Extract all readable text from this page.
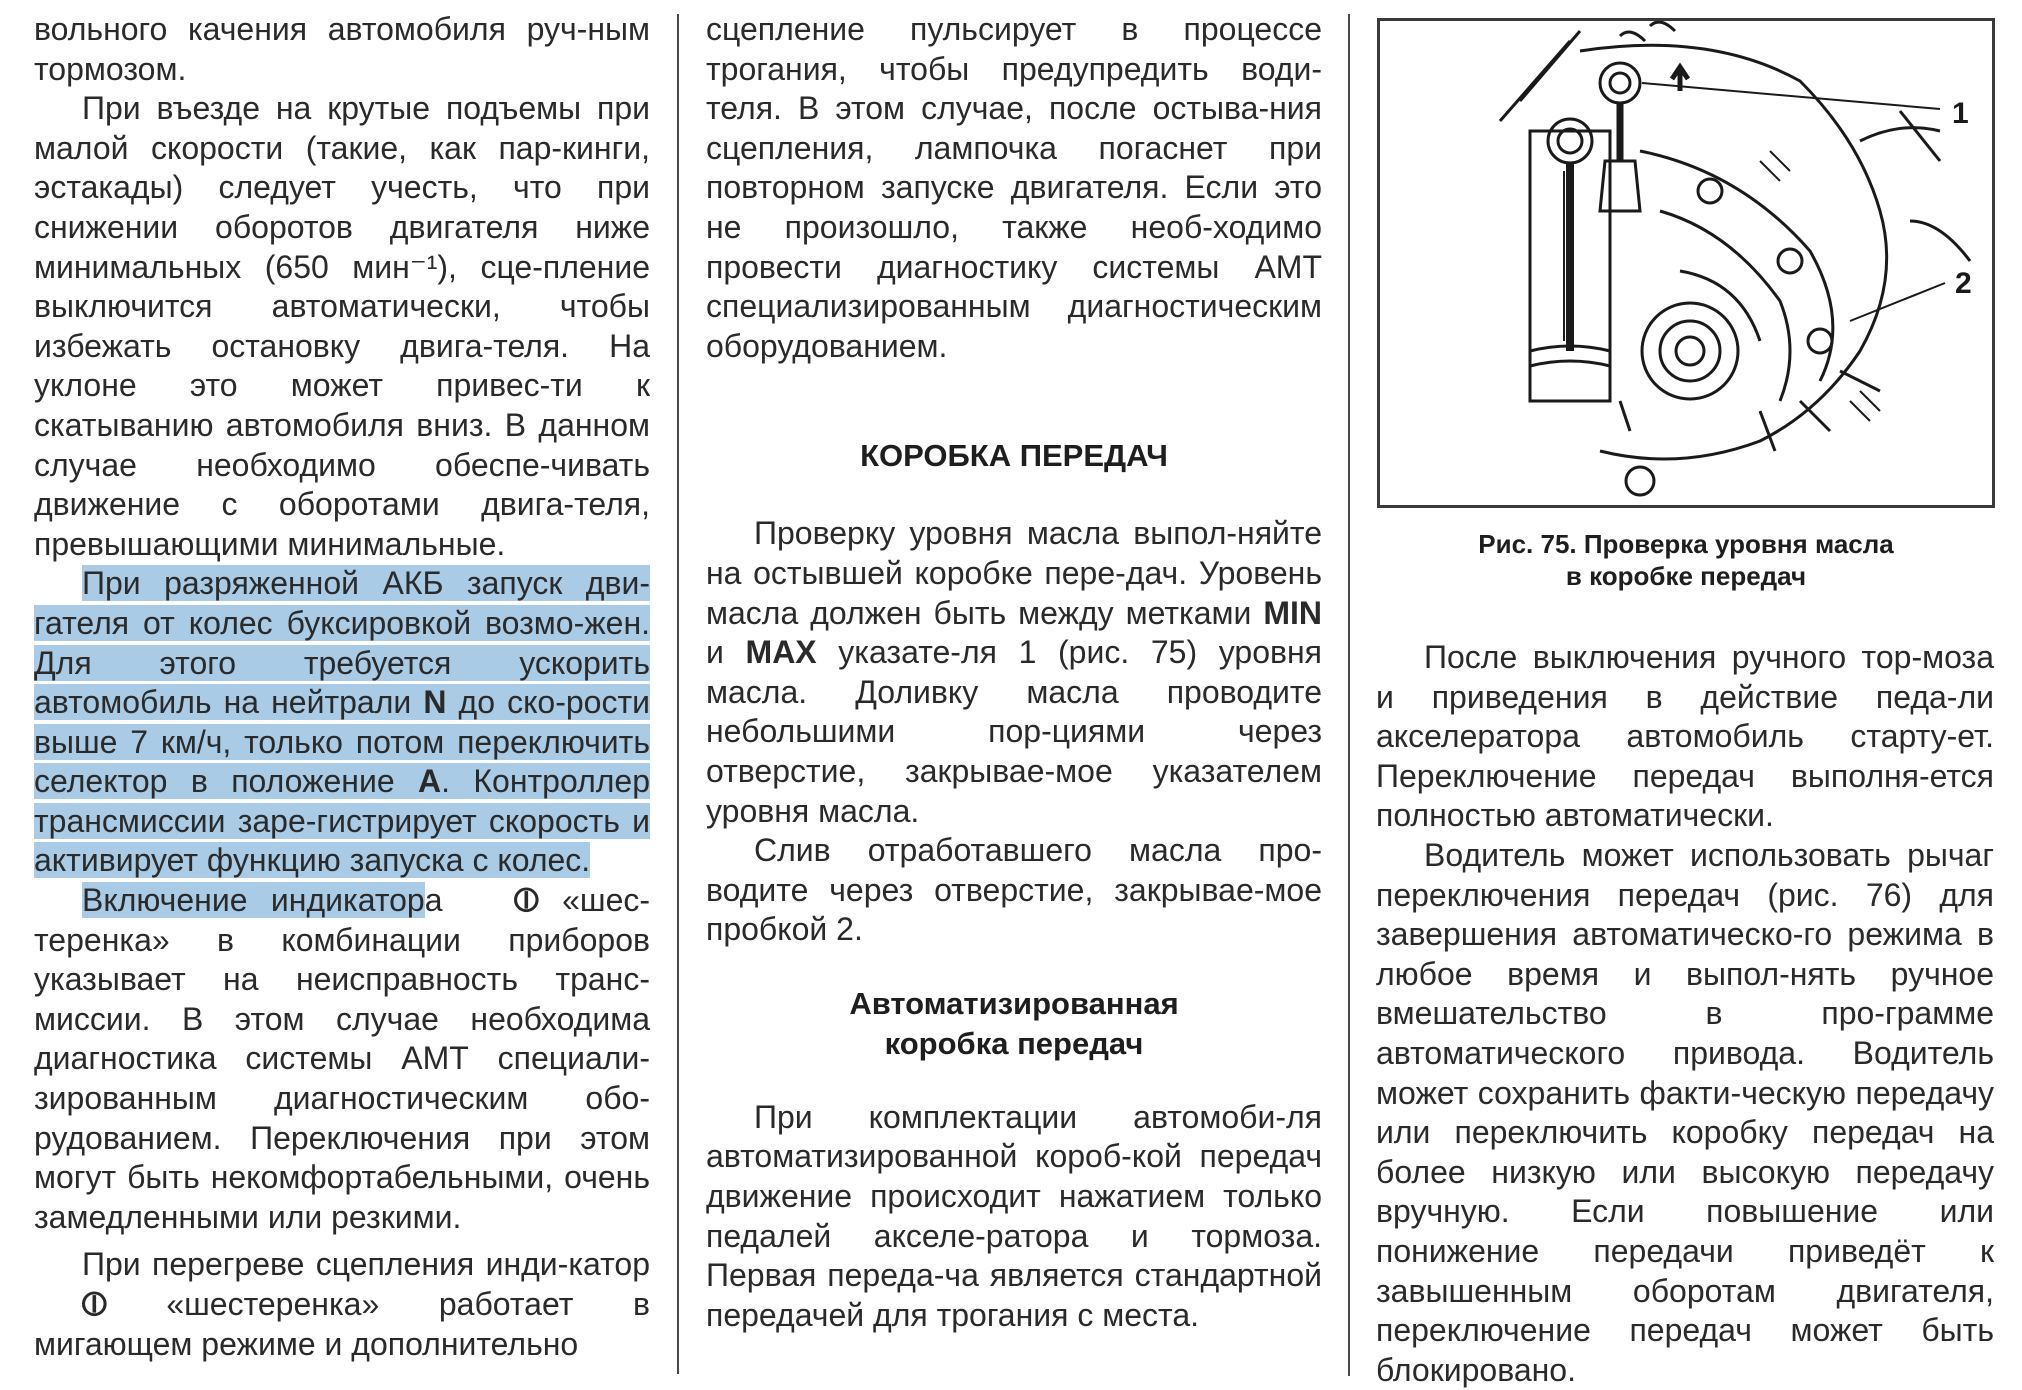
вольного качения автомобиля руч-ным тормозом.

При въезде на крутые подъемы при малой скорости (такие, как пар-кинги, эстакады) следует учесть, что при снижении оборотов двигателя ниже минимальных (650 мин⁻¹), сце-пление выключится автоматически, чтобы избежать остановку двига-теля. На уклоне это может привес-ти к скатыванию автомобиля вниз. В данном случае необходимо обеспе-чивать движение с оборотами двига-теля, превышающими минимальные.

При разряженной АКБ запуск дви-гателя от колес буксировкой возмо-жен. Для этого требуется ускорить автомобиль на нейтрали N до ско-рости выше 7 км/ч, только потом переключить селектор в положение A. Контроллер трансмиссии заре-гистрирует скорость и активирует функцию запуска с колес.

Включение индикатора ⦶ «шес-теренка» в комбинации приборов указывает на неисправность транс-миссии. В этом случае необходима диагностика системы АМТ специали-зированным диагностическим обо-рудованием. Переключения при этом могут быть некомфортабельными, очень замедленными или резкими.

При перегреве сцепления инди-катор ⦶ «шестеренка» работает в мигающем режиме и дополнительно

сцепление пульсирует в процессе трогания, чтобы предупредить води-теля. В этом случае, после остыва-ния сцепления, лампочка погаснет при повторном запуске двигателя. Если это не произошло, также необ-ходимо провести диагностику системы АМТ специализированным диагностическим оборудованием.

КОРОБКА ПЕРЕДАЧ

Проверку уровня масла выпол-няйте на остывшей коробке пере-дач. Уровень масла должен быть между метками MIN и MAX указате-ля 1 (рис. 75) уровня масла. Доливку масла проводите небольшими пор-циями через отверстие, закрывае-мое указателем уровня масла.

Слив отработавшего масла про-водите через отверстие, закрывае-мое пробкой 2.

Автоматизированная коробка передач

При комплектации автомоби-ля автоматизированной короб-кой передач движение происходит нажатием только педалей акселе-ратора и тормоза. Первая переда-ча является стандартной передачей для трогания с места.

1
2
Рис. 75. Проверка уровня масла
в коробке передач

После выключения ручного тор-моза и приведения в действие педа-ли акселератора автомобиль старту-ет. Переключение передач выполня-ется полностью автоматически.

Водитель может использовать рычаг переключения передач (рис. 76) для завершения автоматическо-го режима в любое время и выпол-нять ручное вмешательство в про-грамме автоматического привода. Водитель может сохранить факти-ческую передачу или переключить коробку передач на более низкую или высокую передачу вручную. Если повышение или понижение передачи приведёт к завышенным оборотам двигателя, переключение передач может быть блокировано.
